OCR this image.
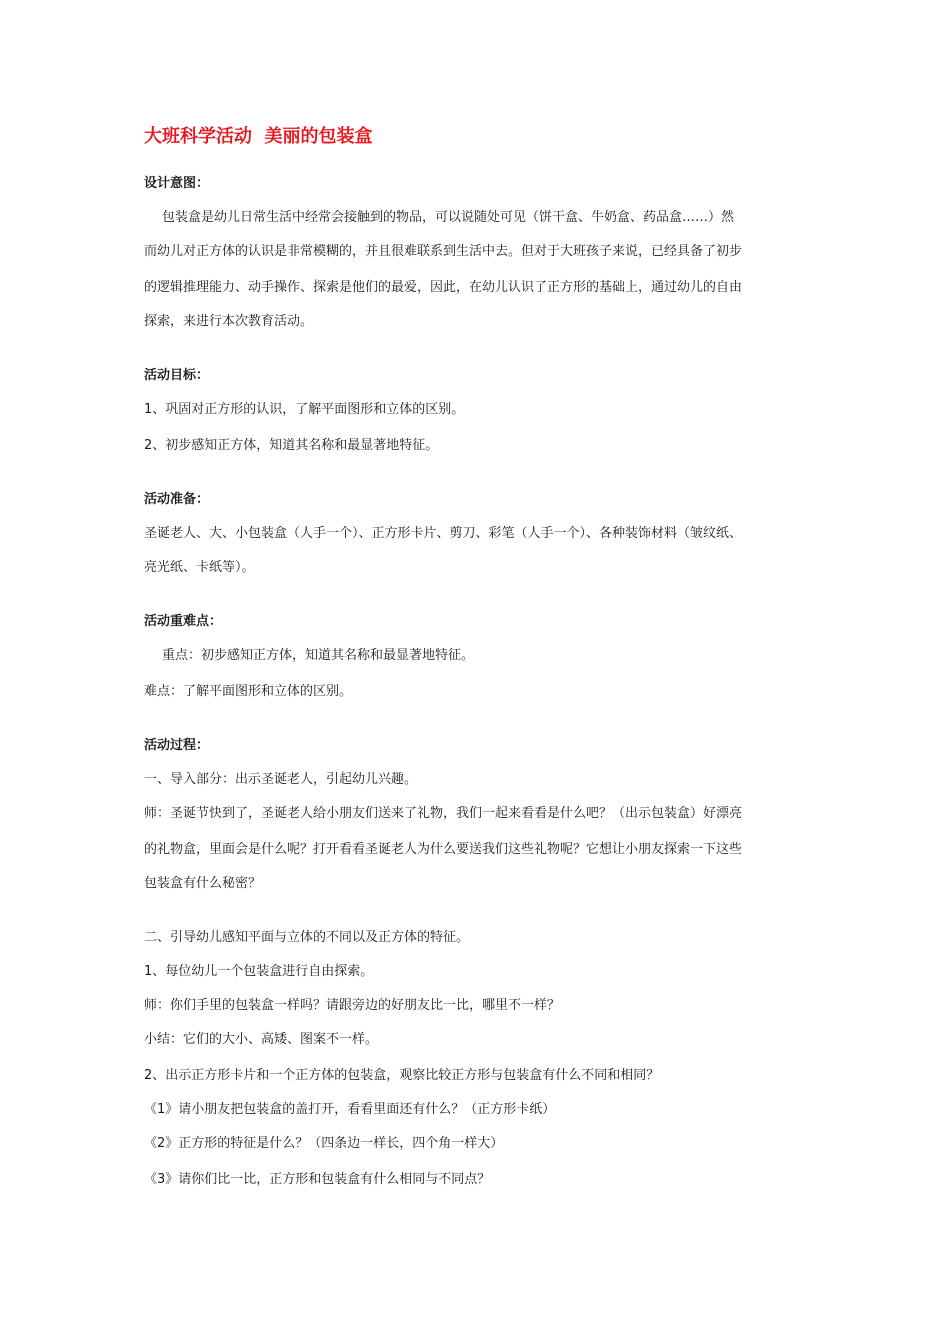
大班科学活动  美丽的包装盒
设计意图：
包装盒是幼儿日常生活中经常会接触到的物品，可以说随处可见（饼干盒、牛奶盒、药品盒……）然
而幼儿对正方体的认识是非常模糊的，并且很难联系到生活中去。但对于大班孩子来说，已经具备了初步
的逻辑推理能力、动手操作、探索是他们的最爱，因此，在幼儿认识了正方形的基础上，通过幼儿的自由
探索，来进行本次教育活动。
活动目标：
1、巩固对正方形的认识，了解平面图形和立体的区别。
2、初步感知正方体，知道其名称和最显著地特征。
活动准备：
圣诞老人、大、小包装盒（人手一个）、正方形卡片、剪刀、彩笔（人手一个）、各种装饰材料（皱纹纸、
亮光纸、卡纸等）。
活动重难点：
重点：初步感知正方体，知道其名称和最显著地特征。
难点：了解平面图形和立体的区别。
活动过程：
一、导入部分：出示圣诞老人，引起幼儿兴趣。
师：圣诞节快到了，圣诞老人给小朋友们送来了礼物，我们一起来看看是什么吧？（出示包装盒）好漂亮
的礼物盒，里面会是什么呢？打开看看圣诞老人为什么要送我们这些礼物呢？它想让小朋友探索一下这些
包装盒有什么秘密？
二、引导幼儿感知平面与立体的不同以及正方体的特征。
1、每位幼儿一个包装盒进行自由探索。
师：你们手里的包装盒一样吗？请跟旁边的好朋友比一比，哪里不一样？
小结：它们的大小、高矮、图案不一样。
2、出示正方形卡片和一个正方体的包装盒，观察比较正方形与包装盒有什么不同和相同？
《1》请小朋友把包装盒的盖打开，看看里面还有什么？（正方形卡纸）
《2》正方形的特征是什么？（四条边一样长，四个角一样大）
《3》请你们比一比，正方形和包装盒有什么相同与不同点？
